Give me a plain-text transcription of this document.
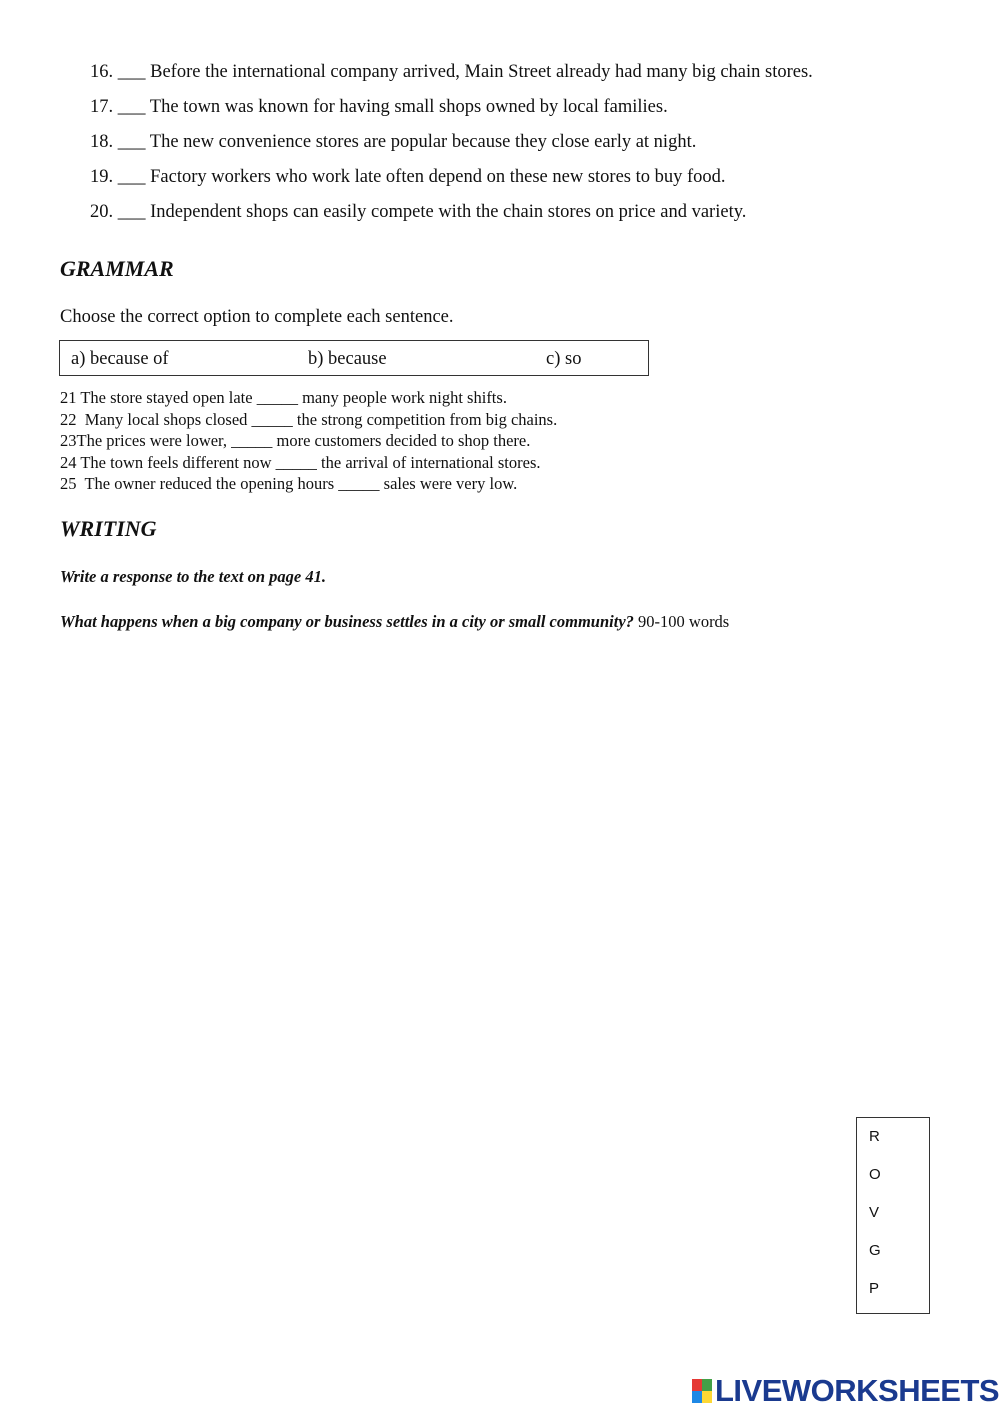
16. ___ Before the international company arrived, Main Street already had many big chain stores.
17. ___ The town was known for having small shops owned by local families.
18. ___ The new convenience stores are popular because they close early at night.
19. ___ Factory workers who work late often depend on these new stores to buy food.
20. ___ Independent shops can easily compete with the chain stores on price and variety.
GRAMMAR
Choose the correct option to complete each sentence.
a) because of	b) because	c) so
21 The store stayed open late _____ many people work night shifts.
22  Many local shops closed _____ the strong competition from big chains.
23The prices were lower, _____ more customers decided to shop there.
24 The town feels different now _____ the arrival of international stores.
25  The owner reduced the opening hours _____ sales were very low.
WRITING
Write a response to the text on page 41.
What happens when a big company or business settles in a city or small community? 90-100 words
R
O
V
G
P
LIVEWORKSHEETS
